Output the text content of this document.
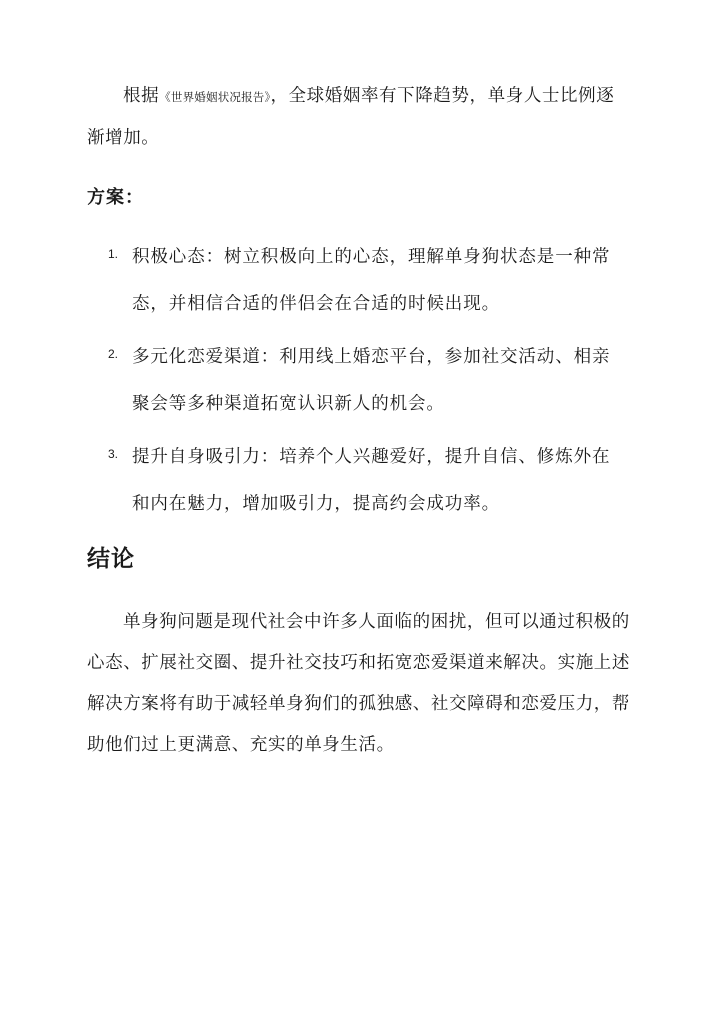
根据《世界婚姻状况报告》，全球婚姻率有下降趋势，单身人士比例逐渐增加。

方案：
1. 积极心态：树立积极向上的心态，理解单身狗状态是一种常态，并相信合适的伴侣会在合适的时候出现。

2. 多元化恋爱渠道：利用线上婚恋平台，参加社交活动、相亲聚会等多种渠道拓宽认识新人的机会。

3. 提升自身吸引力：培养个人兴趣爱好，提升自信、修炼外在和内在魅力，增加吸引力，提高约会成功率。

结论

单身狗问题是现代社会中许多人面临的困扰，但可以通过积极的心态、扩展社交圈、提升社交技巧和拓宽恋爱渠道来解决。实施上述解决方案将有助于减轻单身狗们的孤独感、社交障碍和恋爱压力，帮助他们过上更满意、充实的单身生活。
